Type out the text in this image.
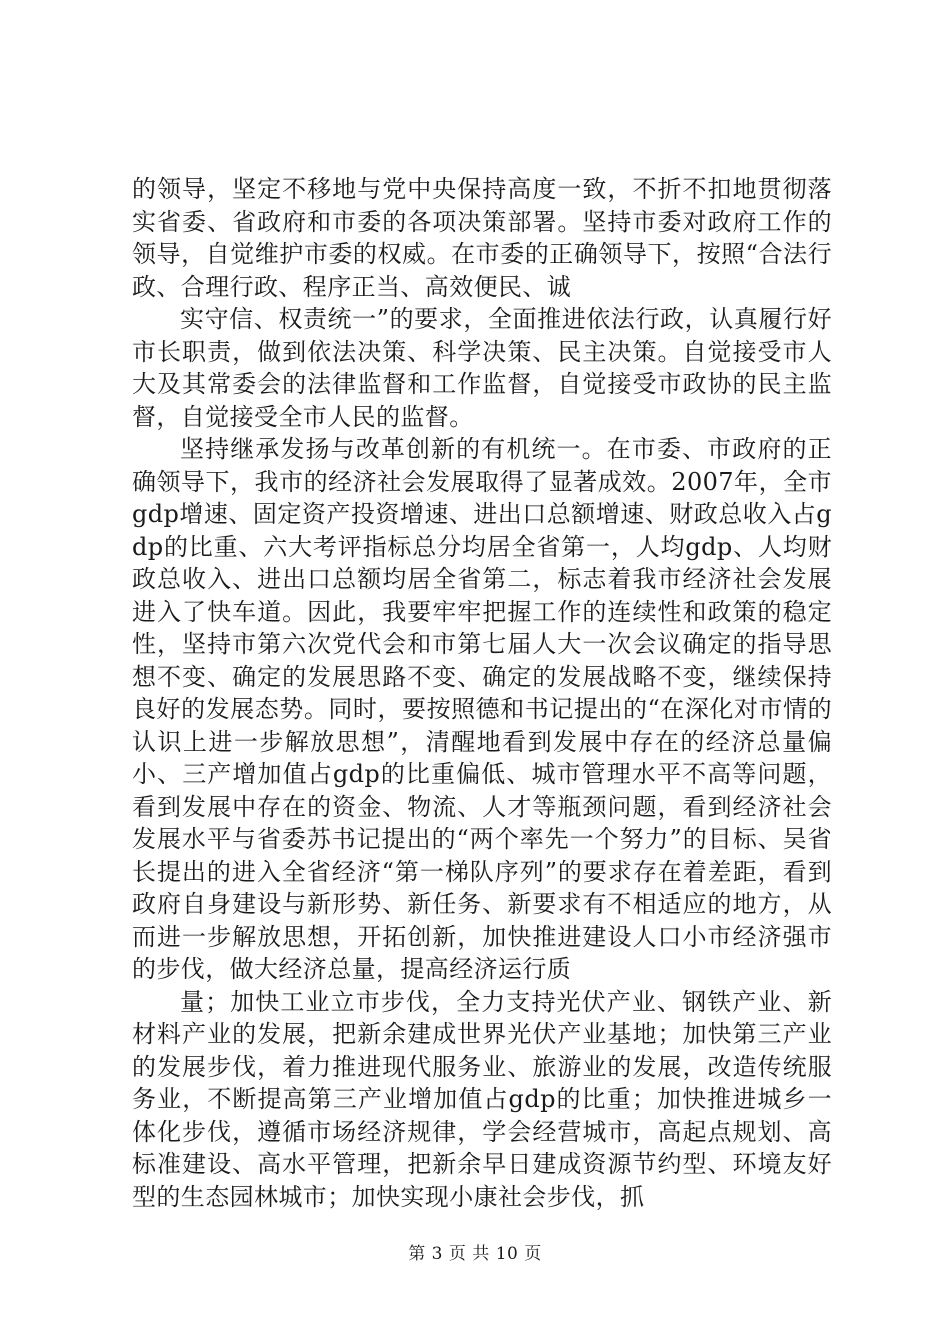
的领导，坚定不移地与党中央保持高度一致，不折不扣地贯彻落实省委、省政府和市委的各项决策部署。坚持市委对政府工作的领导，自觉维护市委的权威。在市委的正确领导下，按照“合法行政、合理行政、程序正当、高效便民、诚

实守信、权责统一”的要求，全面推进依法行政，认真履行好市长职责，做到依法决策、科学决策、民主决策。自觉接受市人大及其常委会的法律监督和工作监督，自觉接受市政协的民主监督，自觉接受全市人民的监督。

坚持继承发扬与改革创新的有机统一。在市委、市政府的正确领导下，我市的经济社会发展取得了显著成效。2007年，全市gdp增速、固定资产投资增速、进出口总额增速、财政总收入占gdp的比重、六大考评指标总分均居全省第一，人均gdp、人均财政总收入、进出口总额均居全省第二，标志着我市经济社会发展进入了快车道。因此，我要牢牢把握工作的连续性和政策的稳定性，坚持市第六次党代会和市第七届人大一次会议确定的指导思想不变、确定的发展思路不变、确定的发展战略不变，继续保持良好的发展态势。同时，要按照德和书记提出的“在深化对市情的认识上进一步解放思想”，清醒地看到发展中存在的经济总量偏小、三产增加值占gdp的比重偏低、城市管理水平不高等问题，看到发展中存在的资金、物流、人才等瓶颈问题，看到经济社会发展水平与省委苏书记提出的“两个率先一个努力”的目标、吴省长提出的进入全省经济“第一梯队序列”的要求存在着差距，看到政府自身建设与新形势、新任务、新要求有不相适应的地方，从而进一步解放思想，开拓创新，加快推进建设人口小市经济强市的步伐，做大经济总量，提高经济运行质

量；加快工业立市步伐，全力支持光伏产业、钢铁产业、新材料产业的发展，把新余建成世界光伏产业基地；加快第三产业的发展步伐，着力推进现代服务业、旅游业的发展，改造传统服务业，不断提高第三产业增加值占gdp的比重；加快推进城乡一体化步伐，遵循市场经济规律，学会经营城市，高起点规划、高标准建设、高水平管理，把新余早日建成资源节约型、环境友好型的生态园林城市；加快实现小康社会步伐，抓

第 3 页 共 10 页
